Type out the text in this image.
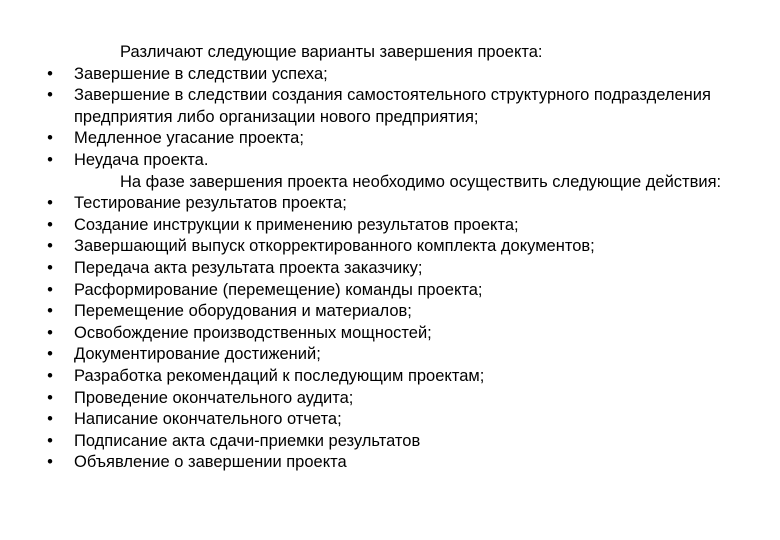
Различают следующие варианты завершения проекта:

• Завершение в следствии успеха;

• Завершение в следствии создания самостоятельного структурного подразделения предприятия либо организации нового предприятия;

• Медленное угасание проекта;

• Неудача проекта.

На фазе завершения проекта необходимо осуществить следующие действия:

• Тестирование результатов проекта;

• Создание инструкции к применению результатов проекта;

• Завершающий выпуск откорректированного комплекта документов;

• Передача акта результата проекта заказчику;

• Расформирование (перемещение) команды проекта;

• Перемещение оборудования и материалов;

• Освобождение производственных мощностей;

• Документирование достижений;

• Разработка рекомендаций к последующим проектам;

• Проведение окончательного аудита;

• Написание окончательного отчета;

• Подписание акта сдачи-приемки результатов

• Объявление о завершении проекта
